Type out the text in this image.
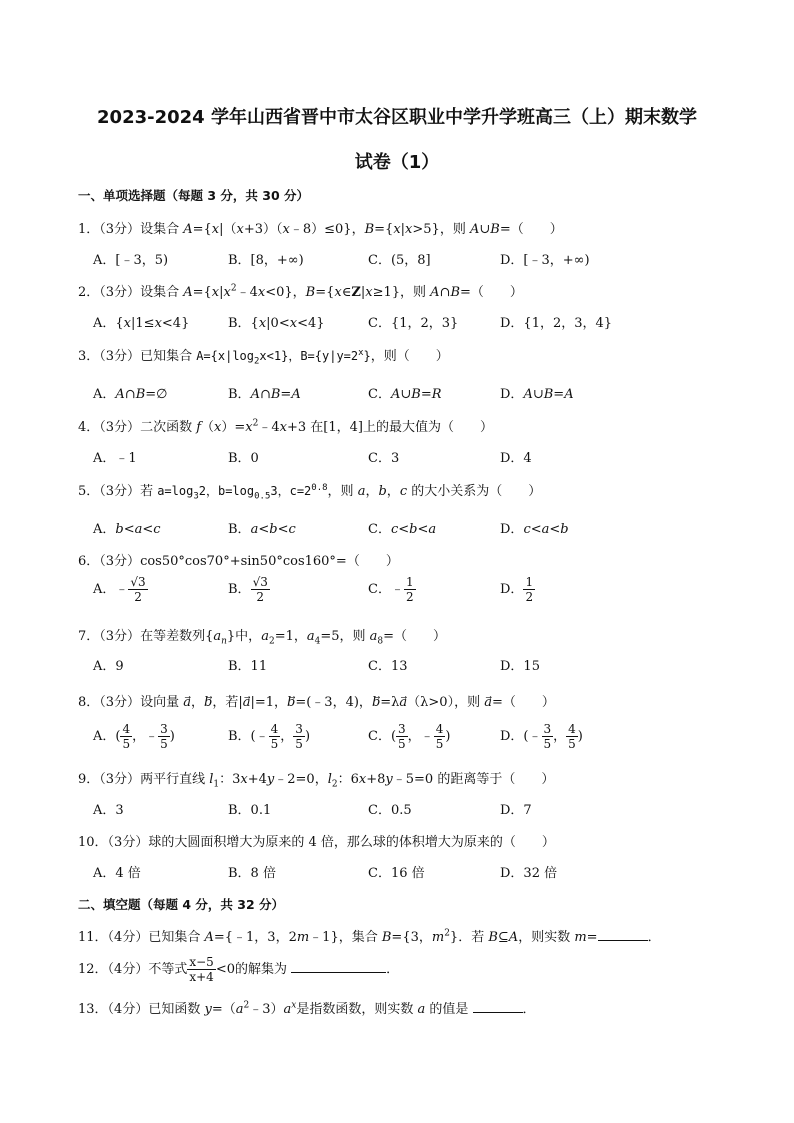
2023-2024 学年山西省晋中市太谷区职业中学升学班高三（上）期末数学
试卷（1）
一、单项选择题（每题 3 分，共 30 分）
1．（3分）设集合 A={x|（x+3）（x﹣8）≤0}，B={x|x>5}，则 A∪B=（　　）
A．[﹣3，5)	B．[8，+∞)	C．(5，8]	D．[﹣3，+∞)
2．（3分）设集合 $A=\{x|x^2﹣4x<0\}$，B={x∈Z|x≥1}，则 A∩B=（　　）
A．{x|1≤x<4}	B．{x|0<x<4}	C．{1，2，3}	D．{1，2，3，4}
3．（3分）已知集合 $A=\{x|\log_2x<1\}$，$B=\{y|y=2^x\}$，则（　　）
A．A∩B=∅	B．A∩B=A	C．A∪B=R	D．A∪B=A
4．（3分）二次函数 $f(x)=x^2﹣4x+3$ 在[1，4]上的最大值为（　　）
A．﹣1	B．0	C．3	D．4
5．（3分）若 $a=\log_32$，$b=\log_{0.5}3$，$c=2^{0.8}$，则 a，b，c 的大小关系为（　　）
A．b<a<c	B．a<b<c	C．c<b<a	D．c<a<b
6．（3分）cos50°cos70°+sin50°cos160°=（　　）
A．﹣ $\frac{√3}{2}$	B． $\frac{√3}{2}$	C．﹣ $\frac{1}{2}$	D． $\frac{1}{2}$
7．（3分）在等差数列$\{a_n\}$中，$a_2=1$，$a_4=5$，则 $a_8=$（　　）
A．9	B．11	C．13	D．15
8．（3分）设向量 a⃗，b⃗，若|a⃗|=1，b⃗=(﹣3，4)，b⃗=λa⃗（λ>0），则 a⃗=（　　）
A．( $\frac{4}{5}$ ，﹣ $\frac{3}{5}$ )	B．(﹣ $\frac{4}{5}$ ， $\frac{3}{5}$ )	C．( $\frac{3}{5}$ ，﹣ $\frac{4}{5}$ )	D．(﹣ $\frac{3}{5}$ ， $\frac{4}{5}$ )
9．（3分）两平行直线 $l_1$：3x+4y﹣2=0，$l_2$：6x+8y﹣5=0 的距离等于（　　）
A．3	B．0.1	C．0.5	D．7
10．（3分）球的大圆面积增大为原来的 4 倍，那么球的体积增大为原来的（　　）
A．4 倍	B．8 倍	C．16 倍	D．32 倍
二、填空题（每题 4 分，共 32 分）
11．（4分）已知集合 A={﹣1，3，2m﹣1}，集合 B={3，$m^2$}．若 B⊆A，则实数 m=	．
12．（4分）不等式 $\frac{x-5}{x+4} <0$的解集为	．
13．（4分）已知函数 $y=(a^2﹣3)a^x$是指数函数，则实数 a 的值是	．
